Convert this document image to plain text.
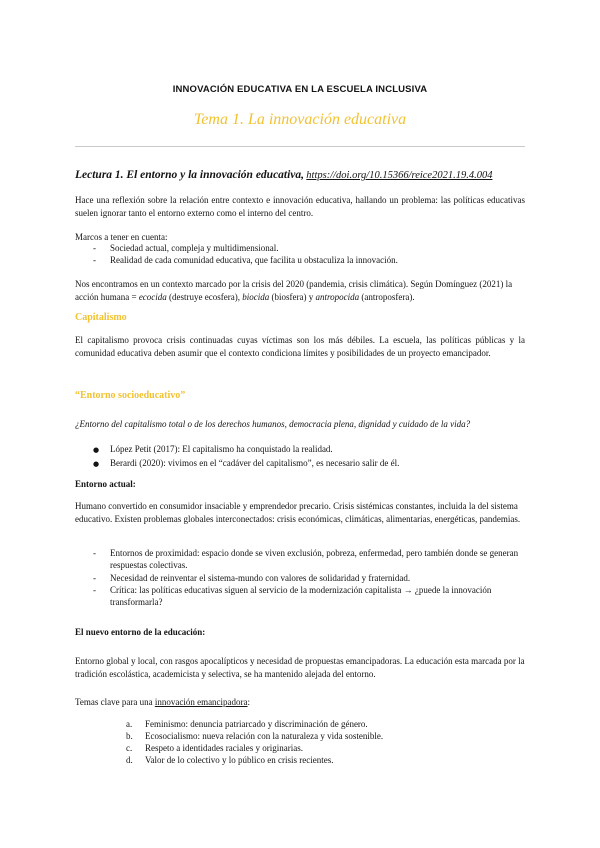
INNOVACIÓN EDUCATIVA EN LA ESCUELA INCLUSIVA
Tema 1. La innovación educativa
Lectura 1. El entorno y la innovación educativa, https://doi.org/10.15366/reice2021.19.4.004
Hace una reflexión sobre la relación entre contexto e innovación educativa, hallando un problema: las políticas educativas suelen ignorar tanto el entorno externo como el interno del centro.
Marcos a tener en cuenta:
-	Sociedad actual, compleja y multidimensional.
-	Realidad de cada comunidad educativa, que facilita u obstaculiza la innovación.
Nos encontramos en un contexto marcado por la crisis del 2020 (pandemia, crisis climática). Según Domínguez (2021) la acción humana = ecocida (destruye ecosfera), biocida (biosfera) y antropocida (antroposfera).
Capitalismo
El capitalismo provoca crisis continuadas cuyas víctimas son los más débiles. La escuela, las políticas públicas y la comunidad educativa deben asumir que el contexto condiciona límites y posibilidades de un proyecto emancipador.
“Entorno socioeducativo”
¿Entorno del capitalismo total o de los derechos humanos, democracia plena, dignidad y cuidado de la vida?
●	López Petit (2017): El capitalismo ha conquistado la realidad.
●	Berardi (2020): vivimos en el “cadáver del capitalismo”, es necesario salir de él.
Entorno actual:
Humano convertido en consumidor insaciable y emprendedor precario. Crisis sistémicas constantes, incluida la del sistema educativo. Existen problemas globales interconectados: crisis económicas, climáticas, alimentarias, energéticas, pandemias.
-	Entornos de proximidad: espacio donde se viven exclusión, pobreza, enfermedad, pero también donde se generan respuestas colectivas.
-	Necesidad de reinventar el sistema-mundo con valores de solidaridad y fraternidad.
-	Crítica: las políticas educativas siguen al servicio de la modernización capitalista → ¿puede la innovación transformarla?
El nuevo entorno de la educación:
Entorno global y local, con rasgos apocalípticos y necesidad de propuestas emancipadoras. La educación esta marcada por la tradición escolástica, academicista y selectiva, se ha mantenido alejada del entorno.
Temas clave para una innovación emancipadora:
a.	Feminismo: denuncia patriarcado y discriminación de género.
b.	Ecosocialismo: nueva relación con la naturaleza y vida sostenible.
c.	Respeto a identidades raciales y originarias.
d.	Valor de lo colectivo y lo público en crisis recientes.
